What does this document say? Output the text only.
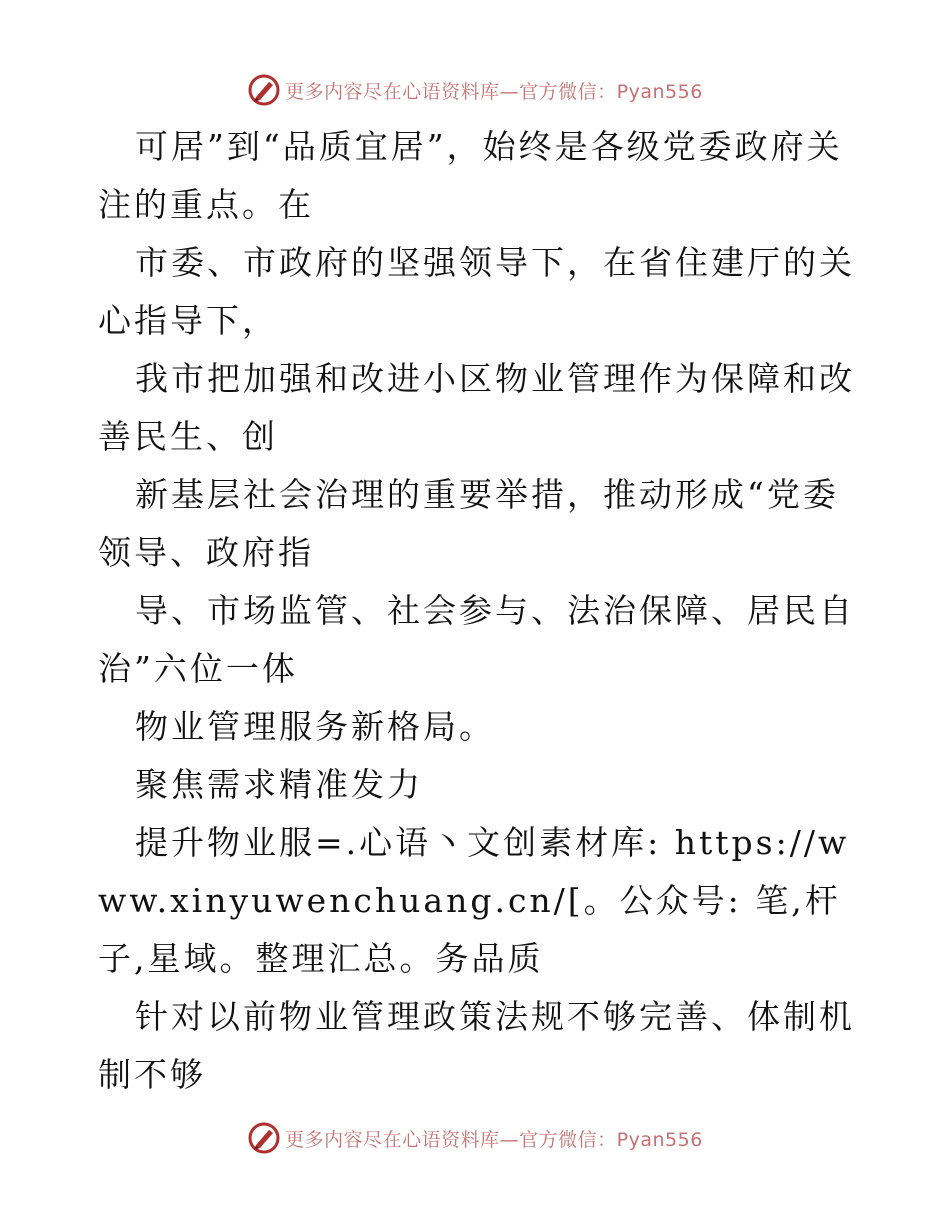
更多内容尽在心语资料库—官方微信：Pyan556

可居”到“品质宜居”，始终是各级党委政府关注的重点。在

市委、市政府的坚强领导下，在省住建厅的关心指导下，

我市把加强和改进小区物业管理作为保障和改善民生、创

新基层社会治理的重要举措，推动形成“党委领导、政府指

导、市场监管、社会参与、法治保障、居民自治”六位一体

物业管理服务新格局。

聚焦需求精准发力

提升物业服=.心语丶文创素材库: https://www.xinyuwenchuang.cn/[。公众号: 笔,杆子,星域。整理汇总。务品质

针对以前物业管理政策法规不够完善、体制机制不够

更多内容尽在心语资料库—官方微信：Pyan556
